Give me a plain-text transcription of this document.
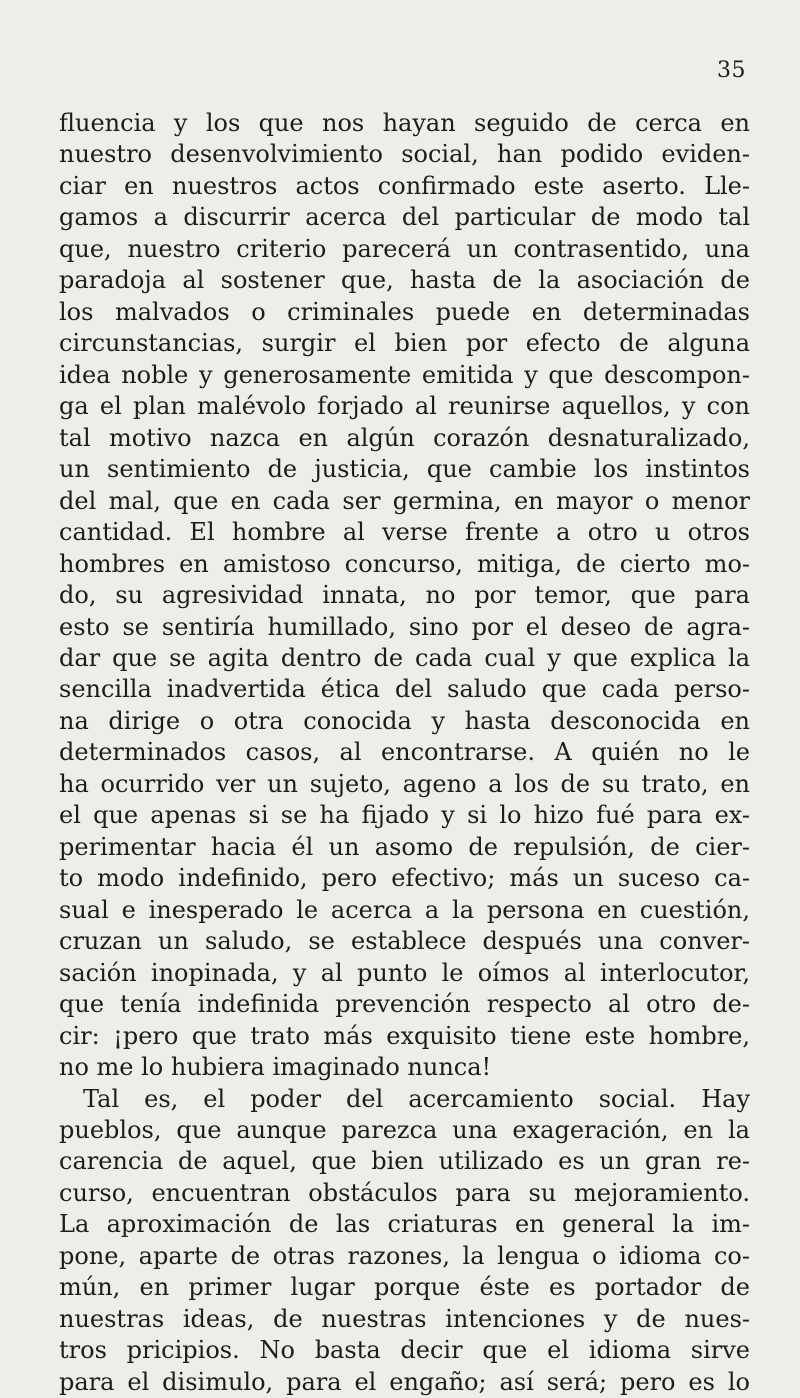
35
fluencia y los que nos hayan seguido de cerca en
nuestro desenvolvimiento social, han podido eviden-
ciar en nuestros actos confirmado este aserto. Lle-
gamos a discurrir acerca del particular de modo tal
que, nuestro criterio parecerá un contrasentido, una
paradoja al sostener que, hasta de la asociación de
los malvados o criminales puede en determinadas
circunstancias, surgir el bien por efecto de alguna
idea noble y generosamente emitida y que descompon-
ga el plan malévolo forjado al reunirse aquellos, y con
tal motivo nazca en algún corazón desnaturalizado,
un sentimiento de justicia, que cambie los instintos
del mal, que en cada ser germina, en mayor o menor
cantidad. El hombre al verse frente a otro u otros
hombres en amistoso concurso, mitiga, de cierto mo-
do, su agresividad innata, no por temor, que para
esto se sentiría humillado, sino por el deseo de agra-
dar que se agita dentro de cada cual y que explica la
sencilla inadvertida ética del saludo que cada perso-
na dirige o otra conocida y hasta desconocida en
determinados casos, al encontrarse. A quién no le
ha ocurrido ver un sujeto, ageno a los de su trato, en
el que apenas si se ha fijado y si lo hizo fué para ex-
perimentar hacia él un asomo de repulsión, de cier-
to modo indefinido, pero efectivo; más un suceso ca-
sual e inesperado le acerca a la persona en cuestión,
cruzan un saludo, se establece después una conver-
sación inopinada, y al punto le oímos al interlocutor,
que tenía indefinida prevención respecto al otro de-
cir: ¡pero que trato más exquisito tiene este hombre,
no me lo hubiera imaginado nunca!
Tal es, el poder del acercamiento social. Hay
pueblos, que aunque parezca una exageración, en la
carencia de aquel, que bien utilizado es un gran re-
curso, encuentran obstáculos para su mejoramiento.
La aproximación de las criaturas en general la im-
pone, aparte de otras razones, la lengua o idioma co-
mún, en primer lugar porque éste es portador de
nuestras ideas, de nuestras intenciones y de nues-
tros pricipios. No basta decir que el idioma sirve
para el disimulo, para el engaño; así será; pero es lo
